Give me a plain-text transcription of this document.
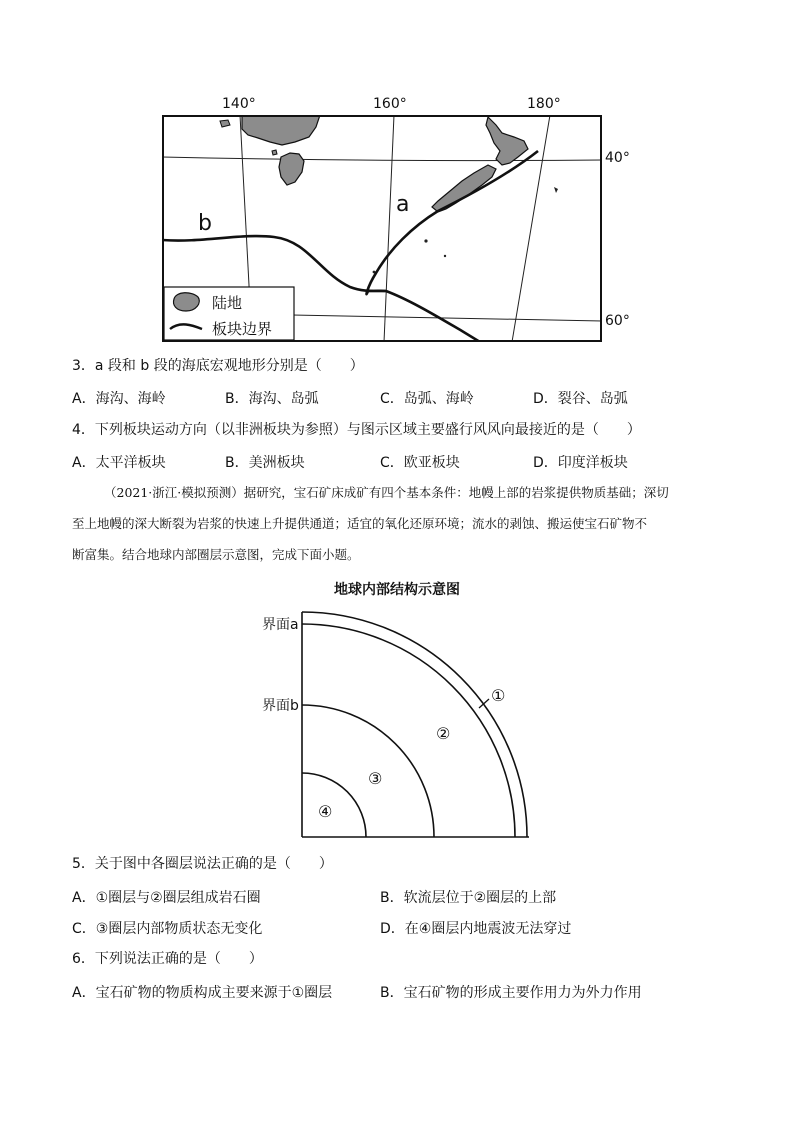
140°	160°	180°
40°
60°
a
b
陆地
板块边界
3．a 段和 b 段的海底宏观地形分别是（　　）
A．海沟、海岭	B．海沟、岛弧	C．岛弧、海岭	D．裂谷、岛弧
4．下列板块运动方向（以非洲板块为参照）与图示区域主要盛行风风向最接近的是（　　）
A．太平洋板块	B．美洲板块	C．欧亚板块	D．印度洋板块
（2021·浙江·模拟预测）据研究，宝石矿床成矿有四个基本条件：地幔上部的岩浆提供物质基础；深切
至上地幔的深大断裂为岩浆的快速上升提供通道；适宜的氧化还原环境；流水的剥蚀、搬运使宝石矿物不
断富集。结合地球内部圈层示意图，完成下面小题。
地球内部结构示意图
界面a
界面b
①
②
③
④
5．关于图中各圈层说法正确的是（　　）
A．①圈层与②圈层组成岩石圈	B．软流层位于②圈层的上部
C．③圈层内部物质状态无变化	D．在④圈层内地震波无法穿过
6．下列说法正确的是（　　）
A．宝石矿物的物质构成主要来源于①圈层	B．宝石矿物的形成主要作用力为外力作用
